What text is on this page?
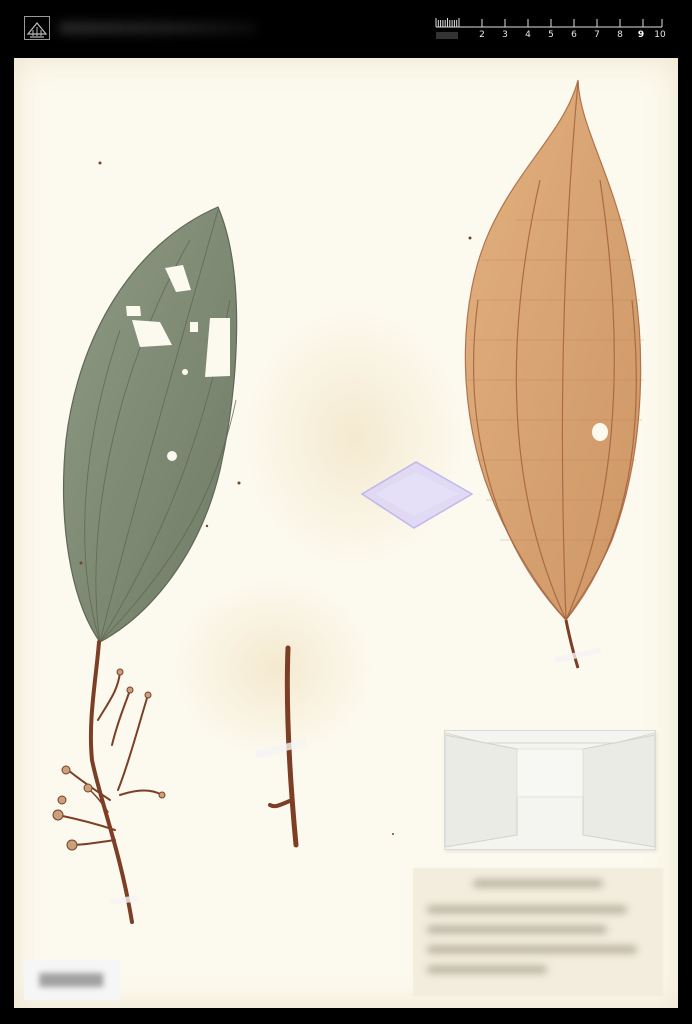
2 3 4 5 6 7 8 9 10
